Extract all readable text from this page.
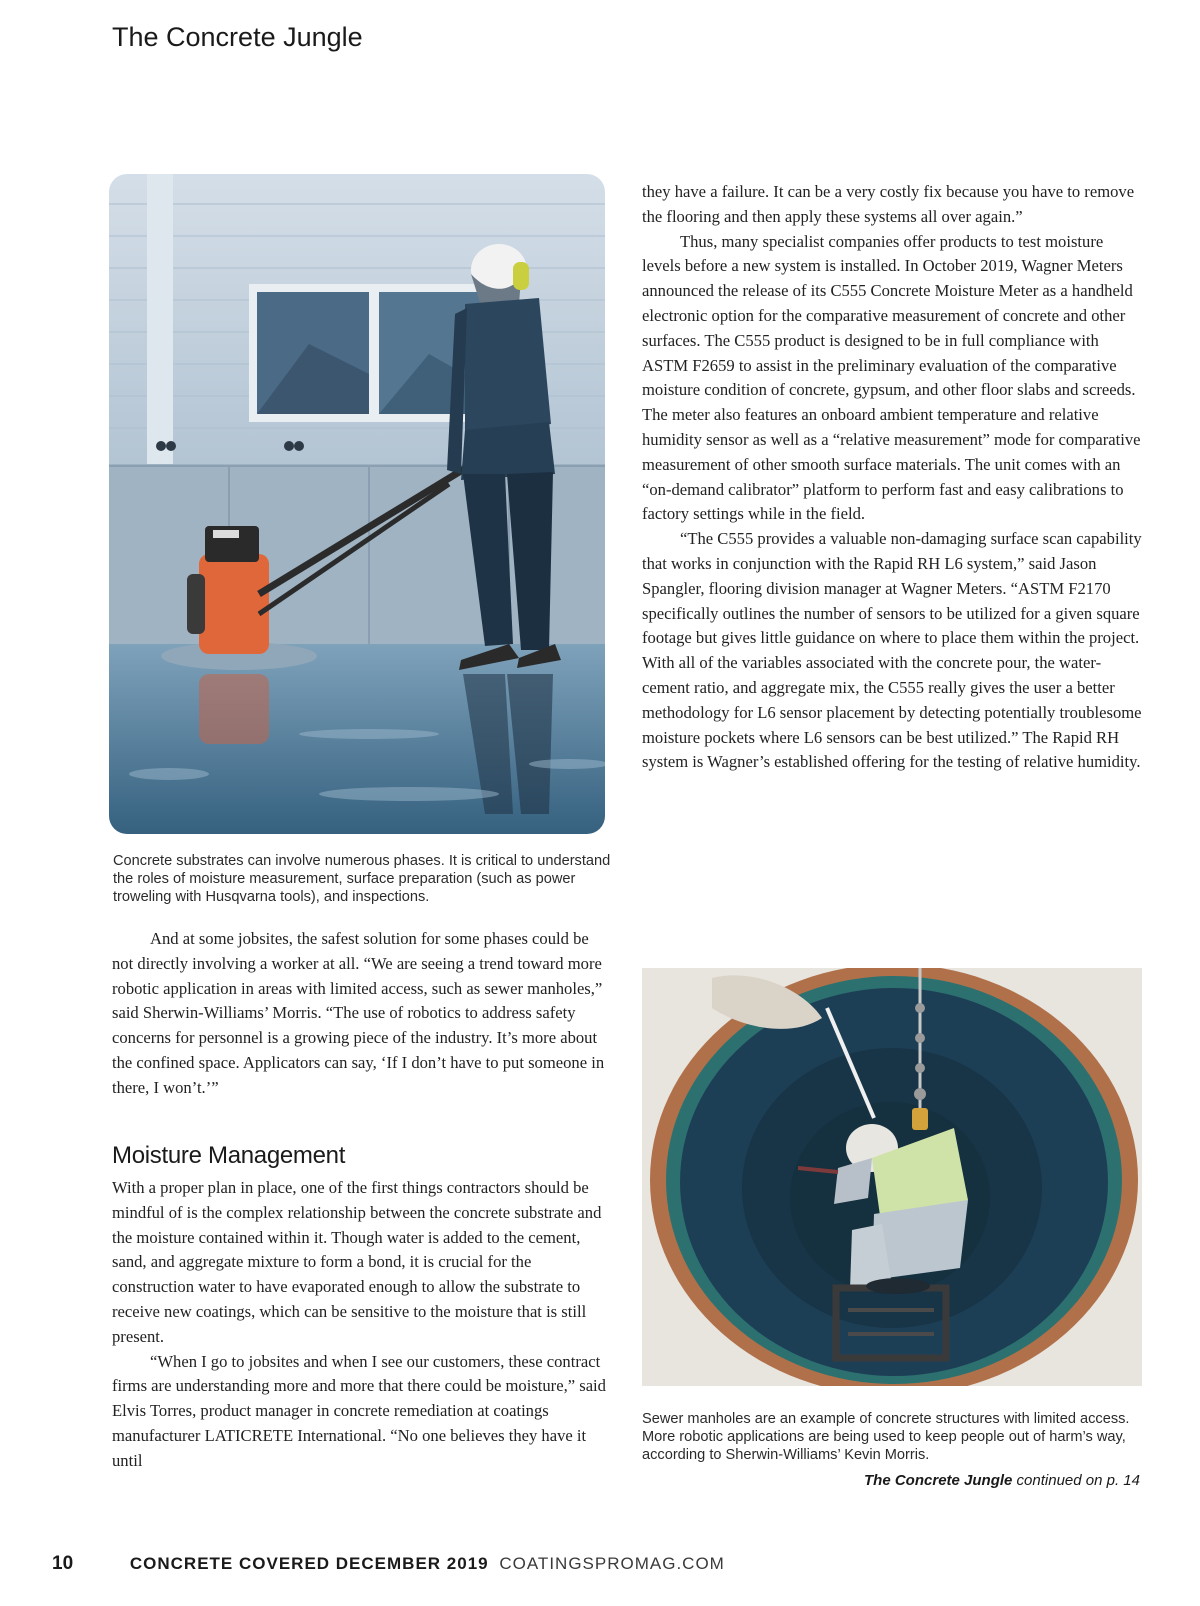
The Concrete Jungle

Concrete substrates can involve numerous phases. It is critical to understand the roles of moisture measurement, surface preparation (such as power troweling with Husqvarna tools), and inspections.

And at some jobsites, the safest solution for some phases could be not directly involving a worker at all. “We are seeing a trend toward more robotic application in areas with limited access, such as sewer manholes,” said Sherwin-Williams’ Morris. “The use of robotics to address safety concerns for personnel is a growing piece of the industry. It’s more about the confined space. Applicators can say, ‘If I don’t have to put someone in there, I won’t.’”

Moisture Management

With a proper plan in place, one of the first things contractors should be mindful of is the complex relationship between the concrete substrate and the moisture contained within it. Though water is added to the cement, sand, and aggregate mixture to form a bond, it is crucial for the construction water to have evaporated enough to allow the substrate to receive new coatings, which can be sensitive to the moisture that is still present.

“When I go to jobsites and when I see our customers, these contract firms are understanding more and more that there could be moisture,” said Elvis Torres, product manager in concrete remediation at coatings manufacturer LATICRETE International. “No one believes they have it until

they have a failure. It can be a very costly fix because you have to remove the flooring and then apply these systems all over again.”

Thus, many specialist companies offer products to test moisture levels before a new system is installed. In October 2019, Wagner Meters announced the release of its C555 Concrete Moisture Meter as a handheld electronic option for the comparative measurement of concrete and other surfaces. The C555 product is designed to be in full compliance with ASTM F2659 to assist in the preliminary evaluation of the comparative moisture condition of concrete, gypsum, and other floor slabs and screeds. The meter also features an onboard ambient temperature and relative humidity sensor as well as a “relative measurement” mode for comparative measurement of other smooth surface materials. The unit comes with an “on-demand calibrator” platform to perform fast and easy calibrations to factory settings while in the field.

“The C555 provides a valuable non-damaging surface scan capability that works in conjunction with the Rapid RH L6 system,” said Jason Spangler, flooring division manager at Wagner Meters. “ASTM F2170 specifically outlines the number of sensors to be utilized for a given square footage but gives little guidance on where to place them within the project. With all of the variables associated with the concrete pour, the water-cement ratio, and aggregate mix, the C555 really gives the user a better methodology for L6 sensor placement by detecting potentially troublesome moisture pockets where L6 sensors can be best utilized.” The Rapid RH system is Wagner’s established offering for the testing of relative humidity.

Sewer manholes are an example of concrete structures with limited access. More robotic applications are being used to keep people out of harm’s way, according to Sherwin-Williams’ Kevin Morris.

The Concrete Jungle continued on p. 14
10	CONCRETE COVERED DECEMBER 2019 COATINGSPROMAG.COM
